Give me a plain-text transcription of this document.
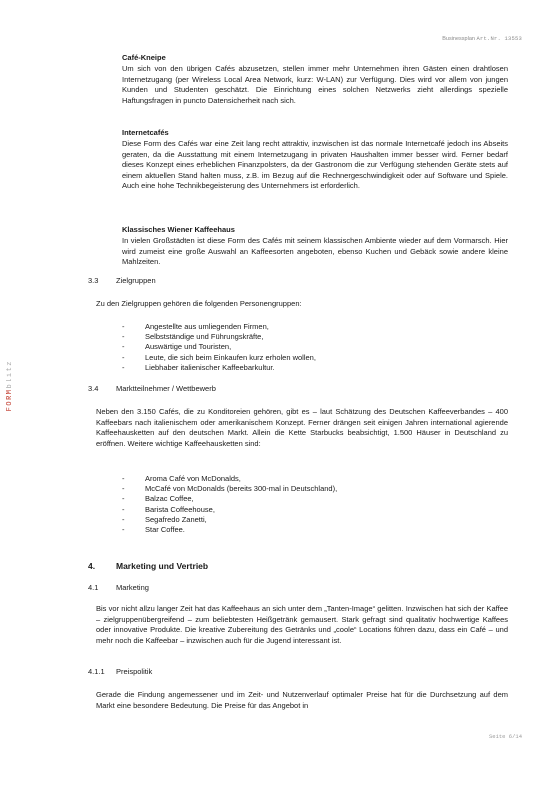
Businessplan Art.Nr. 13553
FORMblitz
Café-Kneipe
Um sich von den übrigen Cafés abzusetzen, stellen immer mehr Unternehmen ihren Gästen einen drahtlosen Internetzugang (per Wireless Local Area Network, kurz: W-LAN) zur Verfügung. Dies wird vor allem von jungen Kunden und Studenten geschätzt. Die Einrichtung eines solchen Netzwerks zieht allerdings spezielle Haftungsfragen in puncto Datensicherheit nach sich.
Internetcafés
Diese Form des Cafés war eine Zeit lang recht attraktiv, inzwischen ist das normale Internetcafé jedoch ins Abseits geraten, da die Ausstattung mit einem Internetzugang in privaten Haushalten immer besser wird. Ferner bedarf dieses Konzept eines erheblichen Finanzpolsters, da der Gastronom die zur Verfügung stehenden Geräte stets auf einem aktuellen Stand halten muss, z.B. im Bezug auf die Rechnergeschwindigkeit oder auf Software und Spiele. Auch eine hohe Technikbegeisterung des Unternehmers ist erforderlich.
Klassisches Wiener Kaffeehaus
In vielen Großstädten ist diese Form des Cafés mit seinem klassischen Ambiente wieder auf dem Vormarsch. Hier wird zumeist eine große Auswahl an Kaffeesorten angeboten, ebenso Kuchen und Gebäck sowie andere kleine Mahlzeiten.
3.3 Zielgruppen
Zu den Zielgruppen gehören die folgenden Personengruppen:
- Angestellte aus umliegenden Firmen,
- Selbstständige und Führungskräfte,
- Auswärtige und Touristen,
- Leute, die sich beim Einkaufen kurz erholen wollen,
- Liebhaber italienischer Kaffeebarkultur.
3.4 Marktteilnehmer / Wettbewerb
Neben den 3.150 Cafés, die zu Konditoreien gehören, gibt es – laut Schätzung des Deutschen Kaffeeverbandes – 400 Kaffeebars nach italienischem oder amerikanischem Konzept. Ferner drängen seit einigen Jahren international agierende Kaffeehausketten auf den deutschen Markt. Allein die Kette Starbucks beabsichtigt, 1.500 Häuser in Deutschland zu eröffnen. Weitere wichtige Kaffeehausketten sind:
- Aroma Café von McDonalds,
- McCafé von McDonalds (bereits 300-mal in Deutschland),
- Balzac Coffee,
- Barista Coffeehouse,
- Segafredo Zanetti,
- Star Coffee.
4. Marketing und Vertrieb
4.1 Marketing
Bis vor nicht allzu langer Zeit hat das Kaffeehaus an sich unter dem „Tanten-Image“ gelitten. Inzwischen hat sich der Kaffee – zielgruppenübergreifend – zum beliebtesten Heißgetränk gemausert. Stark gefragt sind qualitativ hochwertige Kaffees oder innovative Produkte. Die kreative Zubereitung des Getränks und „coole“ Locations führen dazu, dass ein Café – und mehr noch die Kaffeebar – inzwischen auch für die Jugend interessant ist.
4.1.1 Preispolitik
Gerade die Findung angemessener und im Zeit- und Nutzenverlauf optimaler Preise hat für die Durchsetzung auf dem Markt eine besondere Bedeutung. Die Preise für das Angebot in
Seite 6/14
